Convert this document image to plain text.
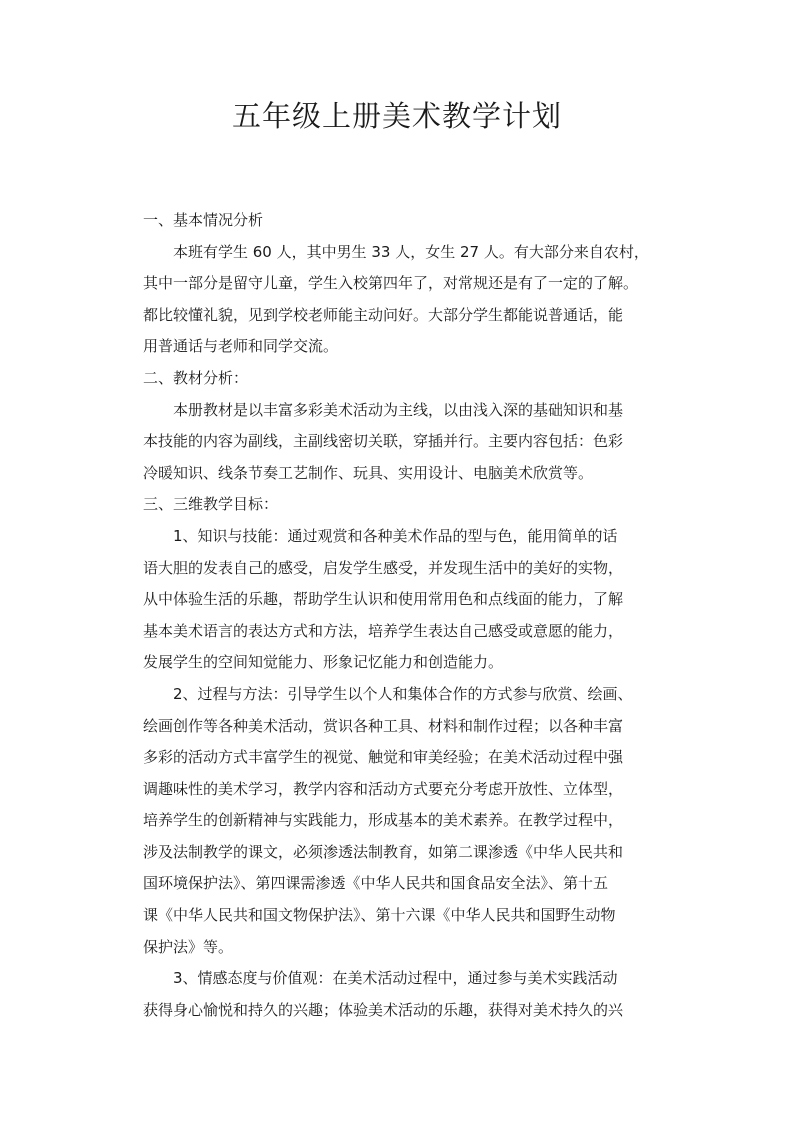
五年级上册美术教学计划
一、基本情况分析
本班有学生 60 人，其中男生 33 人，女生 27 人。有大部分来自农村，
其中一部分是留守儿童，学生入校第四年了，对常规还是有了一定的了解。
都比较懂礼貌，见到学校老师能主动问好。大部分学生都能说普通话，能
用普通话与老师和同学交流。
二、教材分析：
本册教材是以丰富多彩美术活动为主线，以由浅入深的基础知识和基
本技能的内容为副线，主副线密切关联，穿插并行。主要内容包括：色彩
冷暖知识、线条节奏工艺制作、玩具、实用设计、电脑美术欣赏等。
三、三维教学目标：
1、知识与技能：通过观赏和各种美术作品的型与色，能用简单的话
语大胆的发表自己的感受，启发学生感受，并发现生活中的美好的实物，
从中体验生活的乐趣，帮助学生认识和使用常用色和点线面的能力，了解
基本美术语言的表达方式和方法，培养学生表达自己感受或意愿的能力，
发展学生的空间知觉能力、形象记忆能力和创造能力。
2、过程与方法：引导学生以个人和集体合作的方式参与欣赏、绘画、
绘画创作等各种美术活动，赏识各种工具、材料和制作过程；以各种丰富
多彩的活动方式丰富学生的视觉、触觉和审美经验；在美术活动过程中强
调趣味性的美术学习，教学内容和活动方式要充分考虑开放性、立体型，
培养学生的创新精神与实践能力，形成基本的美术素养。在教学过程中，
涉及法制教学的课文，必须渗透法制教育，如第二课渗透《中华人民共和
国环境保护法》、第四课需渗透《中华人民共和国食品安全法》、第十五
课《中华人民共和国文物保护法》、第十六课《中华人民共和国野生动物
保护法》等。
3、情感态度与价值观：在美术活动过程中，通过参与美术实践活动
获得身心愉悦和持久的兴趣；体验美术活动的乐趣，获得对美术持久的兴
